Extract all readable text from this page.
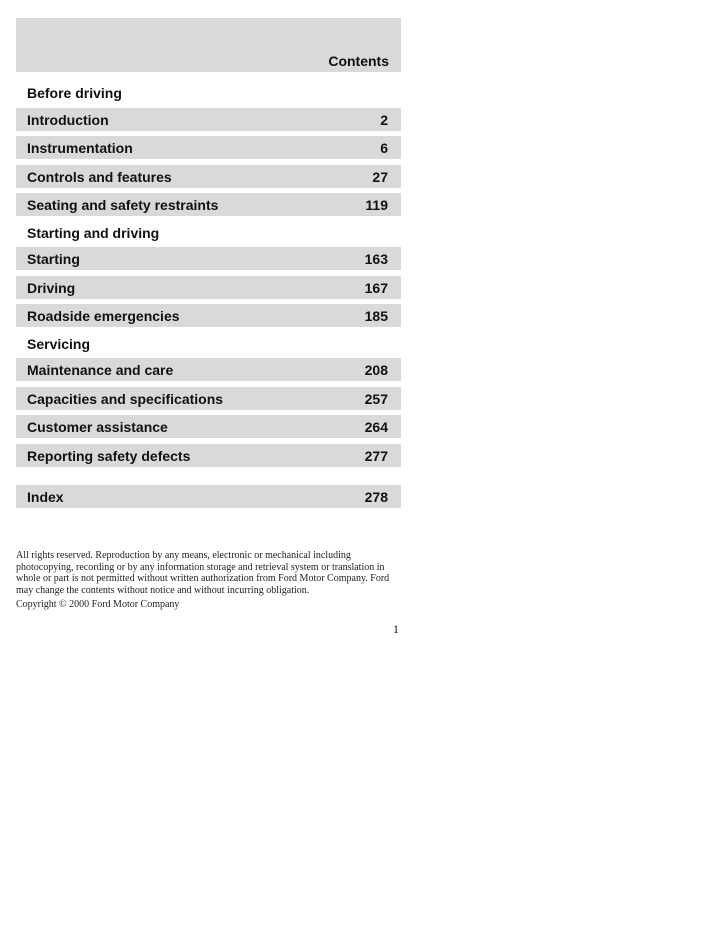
Contents
Before driving
Introduction	2
Instrumentation	6
Controls and features	27
Seating and safety restraints	119
Starting and driving
Starting	163
Driving	167
Roadside emergencies	185
Servicing
Maintenance and care	208
Capacities and specifications	257
Customer assistance	264
Reporting safety defects	277
Index	278

All rights reserved. Reproduction by any means, electronic or mechanical including photocopying, recording or by any information storage and retrieval system or translation in whole or part is not permitted without written authorization from Ford Motor Company. Ford may change the contents without notice and without incurring obligation.

Copyright © 2000 Ford Motor Company

1
